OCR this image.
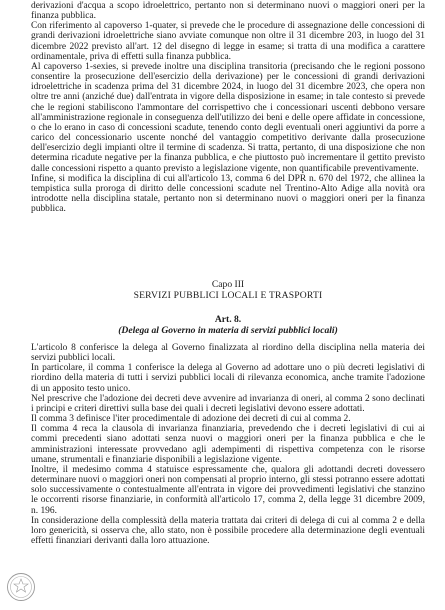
derivazioni d'acqua a scopo idroelettrico, pertanto non si determinano nuovi o maggiori oneri per la finanza pubblica.

Con riferimento al capoverso 1-quater, si prevede che le procedure di assegnazione delle concessioni di grandi derivazioni idroelettriche siano avviate comunque non oltre il 31 dicembre 203, in luogo del 31 dicembre 2022 previsto all'art. 12 del disegno di legge in esame; si tratta di una modifica a carattere ordinamentale, priva di effetti sulla finanza pubblica.

Al capoverso 1-sexies, si prevede inoltre una disciplina transitoria (precisando che le regioni possono consentire la prosecuzione dell'esercizio della derivazione) per le concessioni di grandi derivazioni idroelettriche in scadenza prima del 31 dicembre 2024, in luogo del 31 dicembre 2023, che opera non oltre tre anni (anziché due) dall'entrata in vigore della disposizione in esame; in tale contesto si prevede che le regioni stabiliscono l'ammontare del corrispettivo che i concessionari uscenti debbono versare all'amministrazione regionale in conseguenza dell'utilizzo dei beni e delle opere affidate in concessione, o che lo erano in caso di concessioni scadute, tenendo conto degli eventuali oneri aggiuntivi da porre a carico del concessionario uscente nonché del vantaggio competitivo derivante dalla prosecuzione dell'esercizio degli impianti oltre il termine di scadenza. Si tratta, pertanto, di una disposizione che non determina ricadute negative per la finanza pubblica, e che piuttosto può incrementare il gettito previsto dalle concessioni rispetto a quanto previsto a legislazione vigente, non quantificabile preventivamente.

Infine, si modifica la disciplina di cui all'articolo 13, comma 6 del DPR n. 670 del 1972, che allinea la tempistica sulla proroga di diritto delle concessioni scadute nel Trentino-Alto Adige alla novità ora introdotte nella disciplina statale, pertanto non si determinano nuovi o maggiori oneri per la finanza pubblica.

Capo III
SERVIZI PUBBLICI LOCALI E TRASPORTI
Art. 8.
(Delega al Governo in materia di servizi pubblici locali)

L'articolo 8 conferisce la delega al Governo finalizzata al riordino della disciplina nella materia dei servizi pubblici locali.

In particolare, il comma 1 conferisce la delega al Governo ad adottare uno o più decreti legislativi di riordino della materia di tutti i servizi pubblici locali di rilevanza economica, anche tramite l'adozione di un apposito testo unico.

Nel prescrive che l'adozione dei decreti deve avvenire ad invarianza di oneri, al comma 2 sono declinati i principi e criteri direttivi sulla base dei quali i decreti legislativi devono essere adottati.

Il comma 3 definisce l'iter procedimentale di adozione dei decreti di cui al comma 2.

Il comma 4 reca la clausola di invarianza finanziaria, prevedendo che i decreti legislativi di cui ai commi precedenti siano adottati senza nuovi o maggiori oneri per la finanza pubblica e che le amministrazioni interessate provvedano agli adempimenti di rispettiva competenza con le risorse umane, strumentali e finanziarie disponibili a legislazione vigente.

Inoltre, il medesimo comma 4 statuisce espressamente che, qualora gli adottandi decreti dovessero determinare nuovi o maggiori oneri non compensati al proprio interno, gli stessi potranno essere adottati solo successivamente o contestualmente all'entrata in vigore dei provvedimenti legislativi che stanzino le occorrenti risorse finanziarie, in conformità all'articolo 17, comma 2, della legge 31 dicembre 2009, n. 196.

In considerazione della complessità della materia trattata dai criteri di delega di cui al comma 2 e della loro genericità, si osserva che, allo stato, non è possibile procedere alla determinazione degli eventuali effetti finanziari derivanti dalla loro attuazione.
